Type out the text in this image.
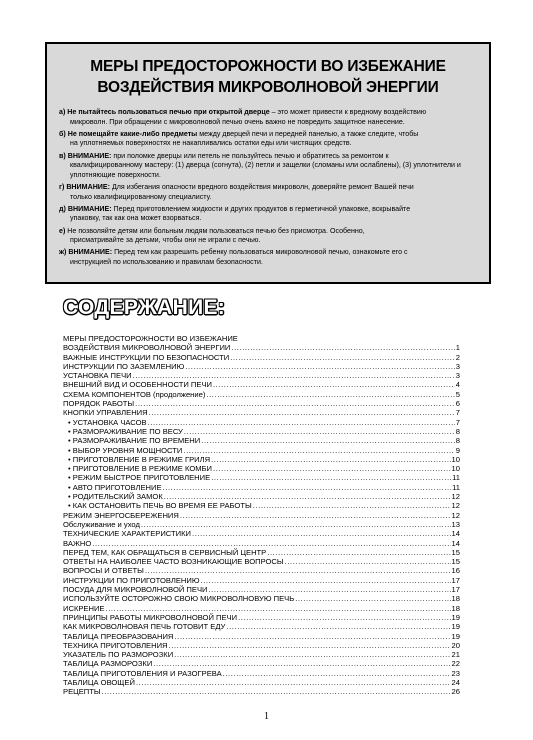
МЕРЫ ПРЕДОСТОРОЖНОСТИ ВО ИЗБЕЖАНИЕ
ВОЗДЕЙСТВИЯ МИКРОВОЛНОВОЙ ЭНЕРГИИ
а) Не пытайтесь пользоваться печью при открытой дверце – это может привести к вредному воздействию
микроволн. При обращении с микроволновой печью очень важно не повредить защитное нанесение.
б) Не помещайте какие-либо предметы между дверцей печи и передней панелью, а также следите, чтобы
на уплотняемых поверхностях не накапливались остатки еды или чистящих средств.
в) ВНИМАНИЕ: при поломке дверцы или петель не пользуйтесь печью и обратитесь за ремонтом к
квалифицированному мастеру: (1) дверца (согнута), (2) петли и защелки (сломаны или ослаблены), (3) уплотнители и уплотняющие поверхности.
г) ВНИМАНИЕ: Для избегания опасности вредного воздействия микроволн, доверяйте ремонт Вашей печи
только квалифицированному специалисту.
д) ВНИМАНИЕ: Перед приготовлением жидкости и других продуктов в герметичной упаковке, вскрывайте
упаковку, так как она может взорваться.
е) Не позволяйте детям или больным людям пользоваться печью без присмотра. Особенно,
присматривайте за детьми, чтобы они не играли с печью.
ж) ВНИМАНИЕ: Перед тем как разрешить ребенку пользоваться микроволновой печью, ознакомьте его с
инструкцией по использованию и правилам безопасности.
СОДЕРЖАНИЕ:
МЕРЫ ПРЕДОСТОРОЖНОСТИ ВО ИЗБЕЖАНИЕ
ВОЗДЕЙСТВИЯ МИКРОВОЛНОВОЙ ЭНЕРГИИ .....	1
ВАЖНЫЕ ИНСТРУКЦИИ ПО БЕЗОПАСНОСТИ .....	2
ИНСТРУКЦИИ ПО ЗАЗЕМЛЕНИЮ .....	3
УСТАНОВКА ПЕЧИ .....	3
ВНЕШНИЙ ВИД И ОСОБЕННОСТИ ПЕЧИ .....	4
СХЕМА КОМПОНЕНТОВ (продолжение) .....	5
ПОРЯДОК РАБОТЫ .....	6
КНОПКИ УПРАВЛЕНИЯ .....	7
• УСТАНОВКА ЧАСОВ .....	7
• РАЗМОРАЖИВАНИЕ ПО ВЕСУ .....	8
• РАЗМОРАЖИВАНИЕ ПО ВРЕМЕНИ .....	8
• ВЫБОР УРОВНЯ МОЩНОСТИ .....	9
• ПРИГОТОВЛЕНИЕ В РЕЖИМЕ ГРИЛЯ .....	10
• ПРИГОТОВЛЕНИЕ В РЕЖИМЕ КОМБИ .....	10
• РЕЖИМ БЫСТРОЕ ПРИГОТОВЛЕНИЕ .....	11
• АВТО ПРИГОТОВЛЕНИЕ .....	11
• РОДИТЕЛЬСКИЙ ЗАМОК .....	12
• КАК ОСТАНОВИТЬ ПЕЧЬ ВО ВРЕМЯ ЕЕ РАБОТЫ .....	12
РЕЖИМ ЭНЕРГОСБЕРЕЖЕНИЯ .....	12
Обслуживание и уход .....	13
ТЕХНИЧЕСКИЕ ХАРАКТЕРИСТИКИ .....	14
ВАЖНО .....	14
ПЕРЕД ТЕМ, КАК ОБРАЩАТЬСЯ В СЕРВИСНЫЙ ЦЕНТР .....	15
ОТВЕТЫ НА НАИБОЛЕЕ ЧАСТО ВОЗНИКАЮЩИЕ ВОПРОСЫ .....	15
ВОПРОСЫ И ОТВЕТЫ .....	16
ИНСТРУКЦИИ ПО ПРИГОТОВЛЕНИЮ .....	17
ПОСУДА ДЛЯ МИКРОВОЛНОВОЙ ПЕЧИ .....	17
ИСПОЛЬЗУЙТЕ ОСТОРОЖНО СВОЮ МИКРОВОЛНОВУЮ ПЕЧЬ .....	18
ИСКРЕНИЕ .....	18
ПРИНЦИПЫ РАБОТЫ МИКРОВОЛНОВОЙ ПЕЧИ .....	19
КАК МИКРОВОЛНОВАЯ ПЕЧЬ ГОТОВИТ ЕДУ .....	19
ТАБЛИЦА ПРЕОБРАЗОВАНИЯ .....	19
ТЕХНИКА ПРИГОТОВЛЕНИЯ .....	20
УКАЗАТЕЛЬ ПО РАЗМОРОЗКИ .....	21
ТАБЛИЦА РАЗМОРОЗКИ .....	22
ТАБЛИЦА ПРИГОТОВЛЕНИЯ И РАЗОГРЕВА .....	23
ТАБЛИЦА ОВОЩЕЙ .....	24
РЕЦЕПТЫ .....	26
1
